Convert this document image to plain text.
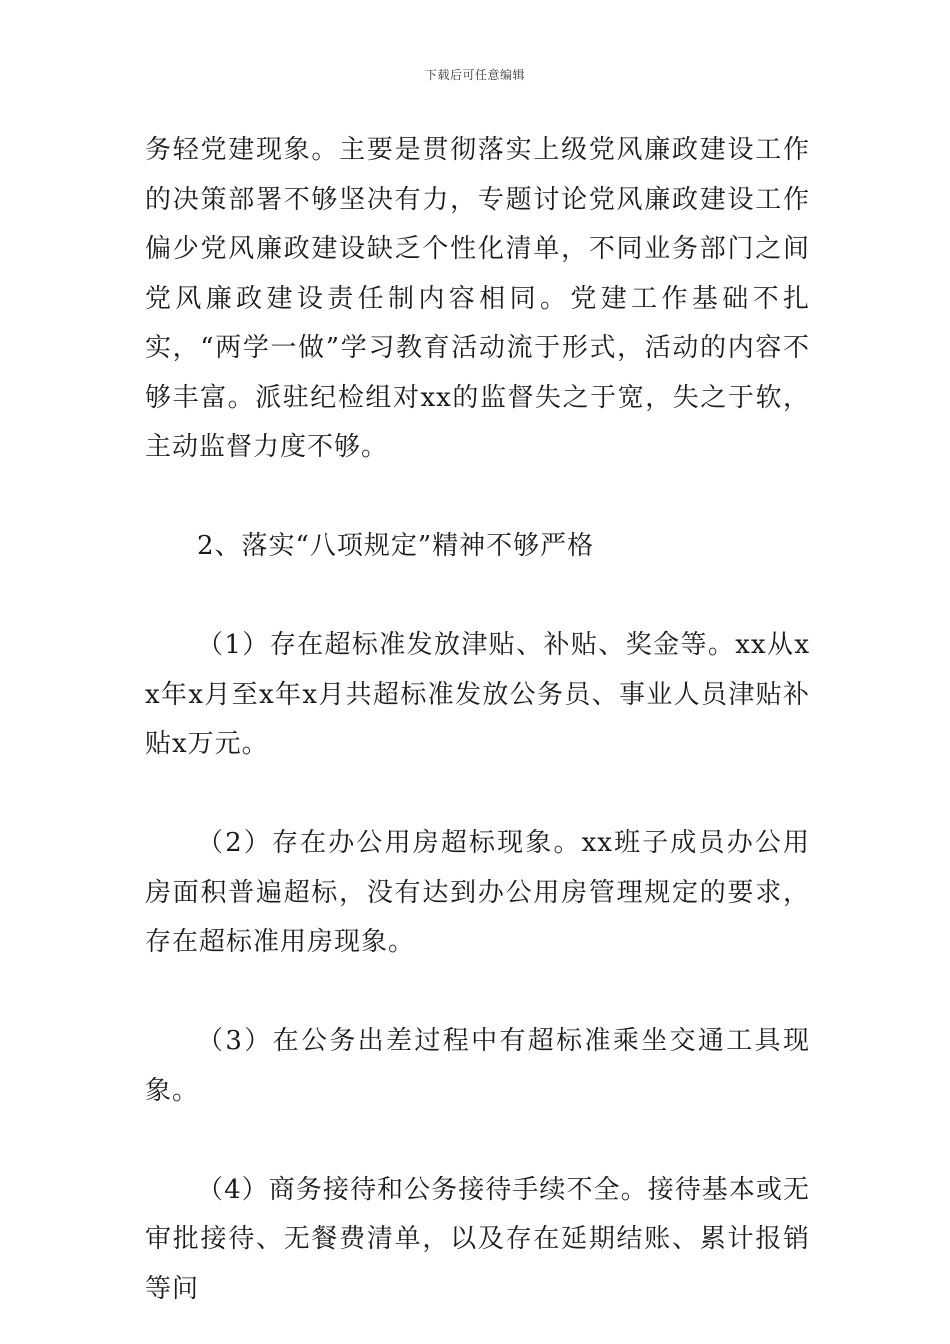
下载后可任意编辑

务轻党建现象。主要是贯彻落实上级党风廉政建设工作的决策部署不够坚决有力，专题讨论党风廉政建设工作偏少党风廉政建设缺乏个性化清单，不同业务部门之间党风廉政建设责任制内容相同。党建工作基础不扎实，“两学一做”学习教育活动流于形式，活动的内容不够丰富。派驻纪检组对xx的监督失之于宽，失之于软，主动监督力度不够。

2、落实“八项规定”精神不够严格

（1）存在超标准发放津贴、补贴、奖金等。xx从xx年x月至x年x月共超标准发放公务员、事业人员津贴补贴x万元。

（2）存在办公用房超标现象。xx班子成员办公用房面积普遍超标，没有达到办公用房管理规定的要求，存在超标准用房现象。

（3）在公务出差过程中有超标准乘坐交通工具现象。

（4）商务接待和公务接待手续不全。接待基本或无审批接待、无餐费清单，以及存在延期结账、累计报销等问
